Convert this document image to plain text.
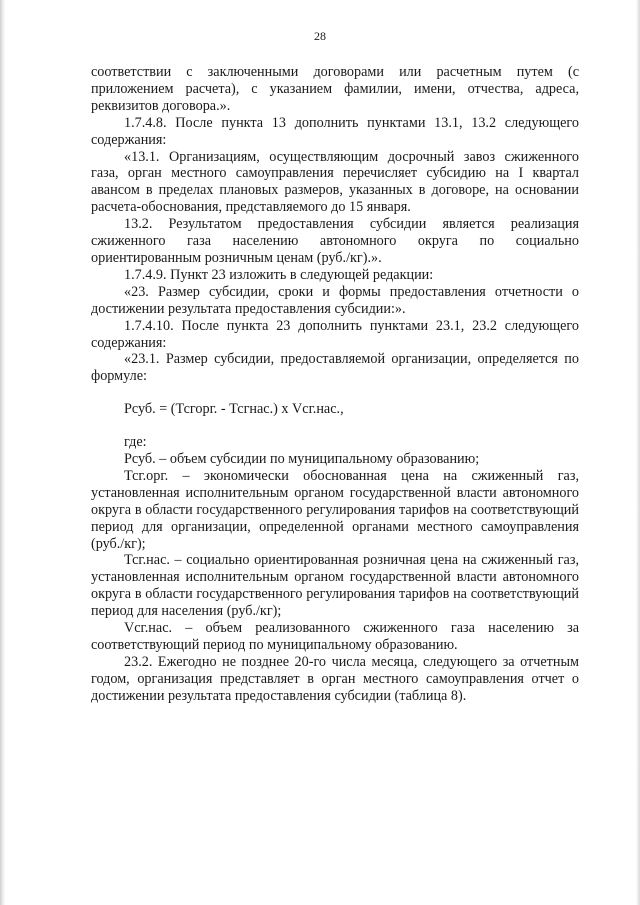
28

соответствии с заключенными договорами или расчетным путем (с приложением расчета), с указанием фамилии, имени, отчества, адреса, реквизитов договора.».

1.7.4.8. После пункта 13 дополнить пунктами 13.1, 13.2 следующего содержания:

«13.1. Организациям, осуществляющим досрочный завоз сжиженного газа, орган местного самоуправления перечисляет субсидию на I квартал авансом в пределах плановых размеров, указанных в договоре, на основании расчета-обоснования, представляемого до 15 января.

13.2. Результатом предоставления субсидии является реализация сжиженного газа населению автономного округа по социально ориентированным розничным ценам (руб./кг).».

1.7.4.9. Пункт 23 изложить в следующей редакции:

«23. Размер субсидии, сроки и формы предоставления отчетности о достижении результата предоставления субсидии:».

1.7.4.10. После пункта 23 дополнить пунктами 23.1, 23.2 следующего содержания:

«23.1. Размер субсидии, предоставляемой организации, определяется по формуле:

Рсуб. = (Тсгорг. - Тсгнас.) х Vсг.нас.,

где:

Рсуб. – объем субсидии по муниципальному образованию;

Тсг.орг. – экономически обоснованная цена на сжиженный газ, установленная исполнительным органом государственной власти автономного округа в области государственного регулирования тарифов на соответствующий период для организации, определенной органами местного самоуправления (руб./кг);

Тсг.нас. – социально ориентированная розничная цена на сжиженный газ, установленная исполнительным органом государственной власти автономного округа в области государственного регулирования тарифов на соответствующий период для населения (руб./кг);

Vсг.нас. – объем реализованного сжиженного газа населению за соответствующий период по муниципальному образованию.

23.2. Ежегодно не позднее 20-го числа месяца, следующего за отчетным годом, организация представляет в орган местного самоуправления отчет о достижении результата предоставления субсидии (таблица 8).
